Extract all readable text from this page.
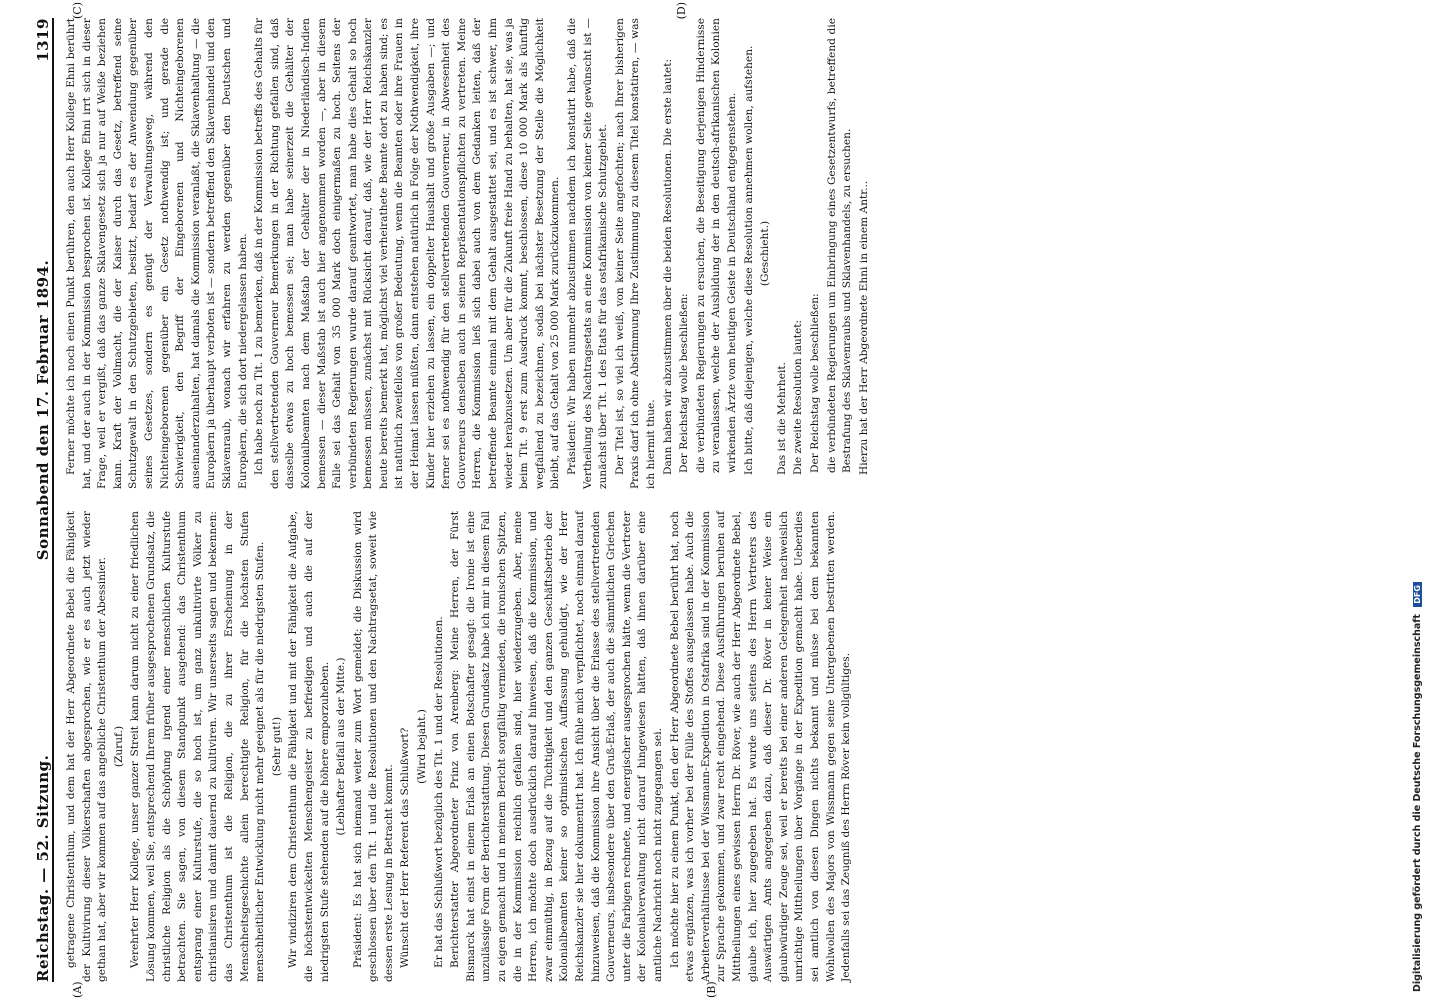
Reichstag. — 52. Sitzung.
Sonnabend den 17. Februar 1894.
1319
(A)	(B)

getragene Christenthum, und dem hat der Herr Abgeordnete Bebel die Fähigkeit der Kultivirung dieser Völkerschaften abgesprochen, wie er es auch jetzt wieder gethan hat, aber wir kommen auf das angebliche Christenthum der Abessinier. (Zuruf.) Verehrter Herr Kollege, unser ganzer Streit kann darum nicht zu einer friedlichen Lösung kommen, weil Sie, entsprechend Ihrem früher ausgesprochenen Grundsatz, die christliche Religion als die Schöpfung irgend einer menschlichen Kulturstufe betrachten. Sie sagen, von diesem Standpunkt ausgehend: das Christenthum entsprang einer Kulturstufe, die so hoch ist, um ganz unkultivirte Völker zu christianisiren und damit dauernd zu kultiviren. Wir unserseits sagen und bekennen: das Christenthum ist die Religion, die zu ihrer Erscheinung in der Menschheitsgeschichte allein berechtigte Religion, für die höchsten Stufen menschheitlicher Entwicklung nicht mehr geeignet als für die niedrigsten Stufen. (Sehr gut!) Wir vindiziren dem Christenthum die Fähigkeit und mit der Fähigkeit die Aufgabe, die höchstentwickelten Menschengeister zu befriedigen und auch die auf der niedrigsten Stufe stehenden auf die höhere emporzuheben. (Lebhafter Beifall aus der Mitte.) Präsident: Es hat sich niemand weiter zum Wort gemeldet; die Diskussion wird geschlossen über den Tit. 1 und die Resolutionen und den Nachtragsetat, soweit wie dessen erste Lesung in Betracht kommt. Wünscht der Herr Referent das Schlußwort? (Wird bejaht.) Er hat das Schlußwort bezüglich des Tit. 1 und der Resolutionen. Berichterstatter Abgeordneter Prinz von Arenberg: Meine Herren, der Fürst Bismarck hat einst in einem Erlaß an einen Botschafter gesagt: die Ironie ist eine unzulässige Form der Berichterstattung. Diesen Grundsatz habe ich mir in diesem Fall zu eigen gemacht und in meinem Bericht sorgfältig vermieden, die ironischen Spitzen, die in der Kommission reichlich gefallen sind, hier wiederzugeben. Aber, meine Herren, ich möchte doch ausdrücklich darauf hinweisen, daß die Kommission, und zwar einmüthig, in Bezug auf die Tüchtigkeit und den ganzen Geschäftsbetrieb der Kolonialbeamten keiner so optimistischen Auffassung gehuldigt, wie der Herr Reichskanzler sie hier dokumentirt hat. Ich fühle mich verpflichtet, noch einmal darauf hinzuweisen, daß die Kommission ihre Ansicht über die Erlasse des stellvertretenden Gouverneurs, insbesondere über den Gruß-Erlaß, der auch die sämmtlichen Griechen unter die Farbigen rechnete, und energischer ausgesprochen hätte, wenn die Vertreter der Kolonialverwaltung nicht darauf hingewiesen hätten, daß ihnen darüber eine amtliche Nachricht noch nicht zugegangen sei. Ich möchte hier zu einem Punkt, den der Herr Abgeordnete Bebel berührt hat, noch etwas ergänzen, was ich vorher bei der Fülle des Stoffes ausgelassen habe. Auch die Arbeiterverhältnisse bei der Wissmann-Expedition in Ostafrika sind in der Kommission zur Sprache gekommen, und zwar recht eingehend. Diese Ausführungen beruhen auf Mittheilungen eines gewissen Herrn Dr. Röver, wie auch der Herr Abgeordnete Bebel, glaube ich, hier zugegeben hat. Es wurde uns seitens des Herrn Vertreters des Auswärtigen Amts angegeben dazu, daß dieser Dr. Röver in keiner Weise ein glaubwürdiger Zeuge sei, weil er bereits bei einer anderen Gelegenheit nachweislich unrichtige Mittheilungen über Vorgänge in der Expedition gemacht habe. Ueberdies sei amtlich von diesen Dingen nichts bekannt und müsse bei dem bekannten Wohlwollen des Majors von Wissmann gegen seine Untergebenen bestritten werden. Jedenfalls sei das Zeugniß des Herrn Röver kein vollgültiges.

(C)	(D)

Ferner möchte ich noch einen Punkt berühren, den auch Herr Kollege Ehni berührt hat, und der auch in der Kommission besprochen ist. Kollege Ehni irrt sich in dieser Frage, weil er vergißt, daß das ganze Sklavengesetz sich ja nur auf Weiße beziehen kann. Kraft der Vollmacht, die der Kaiser durch das Gesetz, betreffend seine Schutzgewalt in den Schutzgebieten, besitzt, bedarf es der Anwendung gegenüber seines Gesetzes, sondern es genügt der Verwaltungsweg, während den Nichteingeborenen gegenüber ein Gesetz nothwendig ist; und gerade die Schwierigkeit, den Begriff der Eingeborenen und Nichteingeborenen auseinanderzuhalten, hat damals die Kommission veranlaßt, die Sklavenhaltung — die Europäern ja überhaupt verboten ist — sondern betreffend den Sklavenhandel und den Sklavenraub, wonach wir erfahren zu werden gegenüber den Deutschen und Europäern, die sich dort niedergelassen haben. Ich habe noch zu Tit. 1 zu bemerken, daß in der Kommission betreffs des Gehalts für den stellvertretenden Gouverneur Bemerkungen in der Richtung gefallen sind, daß dasselbe etwas zu hoch bemessen sei; man habe seinerzeit die Gehälter der Kolonialbeamten nach dem Maßstab der Gehälter der in Niederländisch-Indien bemessen — dieser Maßstab ist auch hier angenommen worden —, aber in diesem Falle sei das Gehalt von 35 000 Mark doch einigermaßen zu hoch. Seitens der verbündeten Regierungen wurde darauf geantwortet, man habe dies Gehalt so hoch bemessen müssen, zunächst mit Rücksicht darauf, daß, wie der Herr Reichskanzler heute bereits bemerkt hat, möglichst viel verheirathete Beamte dort zu haben sind; es ist natürlich zweifellos von großer Bedeutung, wenn die Beamten oder ihre Frauen in der Heimat lassen müßten, dann entstehen natürlich in Folge der Nothwendigkeit, ihre Kinder hier erziehen zu lassen, ein doppelter Haushalt und große Ausgaben —; und ferner sei es nothwendig für den stellvertretenden Gouverneur, in Abwesenheit des Gouverneurs denselben auch in seinen Repräsentationspflichten zu vertreten. Meine Herren, die Kommission ließ sich dabei auch von dem Gedanken leiten, daß der betreffende Beamte einmal mit dem Gehalt ausgestattet sei, und es ist schwer, ihm wieder herabzusetzen. Um aber für die Zukunft freie Hand zu behalten, hat sie, was ja beim Tit. 9 erst zum Ausdruck kommt, beschlossen, diese 10 000 Mark als künftig wegfallend zu bezeichnen, sodaß bei nächster Besetzung der Stelle die Möglichkeit bleibt, auf das Gehalt von 25 000 Mark zurückzukommen. Präsident: Wir haben nunmehr abzustimmen nachdem ich konstatirt habe, daß die Vertheilung des Nachtragsetats an eine Kommission von keiner Seite gewünscht ist — zunächst über Tit. 1 des Etats für das ostafrikanische Schutzgebiet. Der Titel ist, so viel ich weiß, von keiner Seite angefochten; nach Ihrer bisherigen Praxis darf ich ohne Abstimmung Ihre Zustimmung zu diesem Titel konstatiren, — was ich hiermit thue. Dann haben wir abzustimmen über die beiden Resolutionen. Die erste lautet: Der Reichstag wolle beschließen: die verbündeten Regierungen zu ersuchen, die Beseitigung derjenigen Hindernisse zu veranlassen, welche der Ausbildung der in den deutsch-afrikanischen Kolonien wirkenden Ärzte vom heutigen Geiste in Deutschland entgegenstehen. Ich bitte, daß diejenigen, welche diese Resolution annehmen wollen, aufstehen. (Geschieht.)

Das ist die Mehrheit. Die zweite Resolution lautet: Der Reichstag wolle beschließen: die verbündeten Regierungen um Einbringung eines Gesetzentwurfs, betreffend die Bestrafung des Sklavenraubs und Sklavenhandels, zu ersuchen. Hierzu hat der Herr Abgeordnete Ehni in einem Antr...

Digitalisierung gefördert durch die Deutsche Forschungsgemeinschaft DFG
